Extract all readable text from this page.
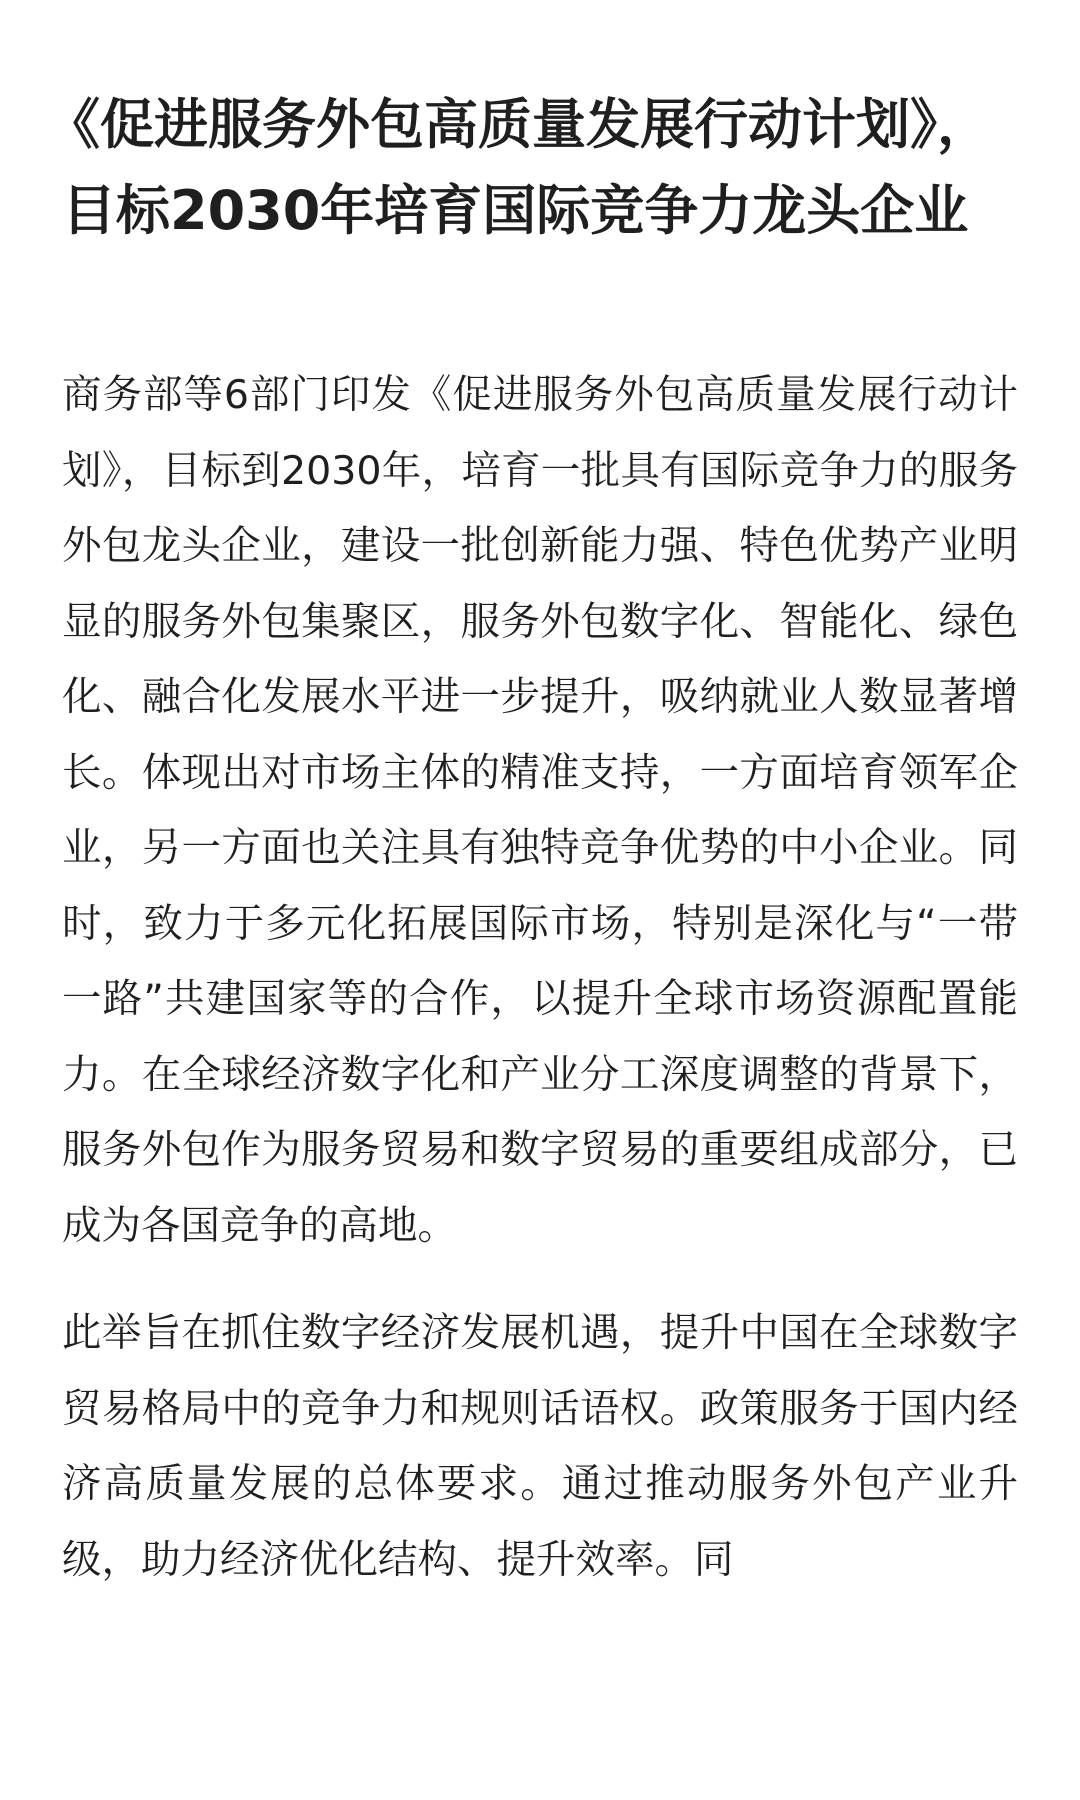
《促进服务外包高质量发展行动计划》，目标2030年培育国际竞争力龙头企业

商务部等6部门印发《促进服务外包高质量发展行动计划》，目标到2030年，培育一批具有国际竞争力的服务外包龙头企业，建设一批创新能力强、特色优势产业明显的服务外包集聚区，服务外包数字化、智能化、绿色化、融合化发展水平进一步提升，吸纳就业人数显著增长。体现出对市场主体的精准支持，一方面培育领军企业，另一方面也关注具有独特竞争优势的中小企业。同时，致力于多元化拓展国际市场，特别是深化与“一带一路”共建国家等的合作，以提升全球市场资源配置能力。在全球经济数字化和产业分工深度调整的背景下，服务外包作为服务贸易和数字贸易的重要组成部分，已成为各国竞争的高地。

此举旨在抓住数字经济发展机遇，提升中国在全球数字贸易格局中的竞争力和规则话语权。政策服务于国内经济高质量发展的总体要求。通过推动服务外包产业升级，助力经济优化结构、提升效率。同
